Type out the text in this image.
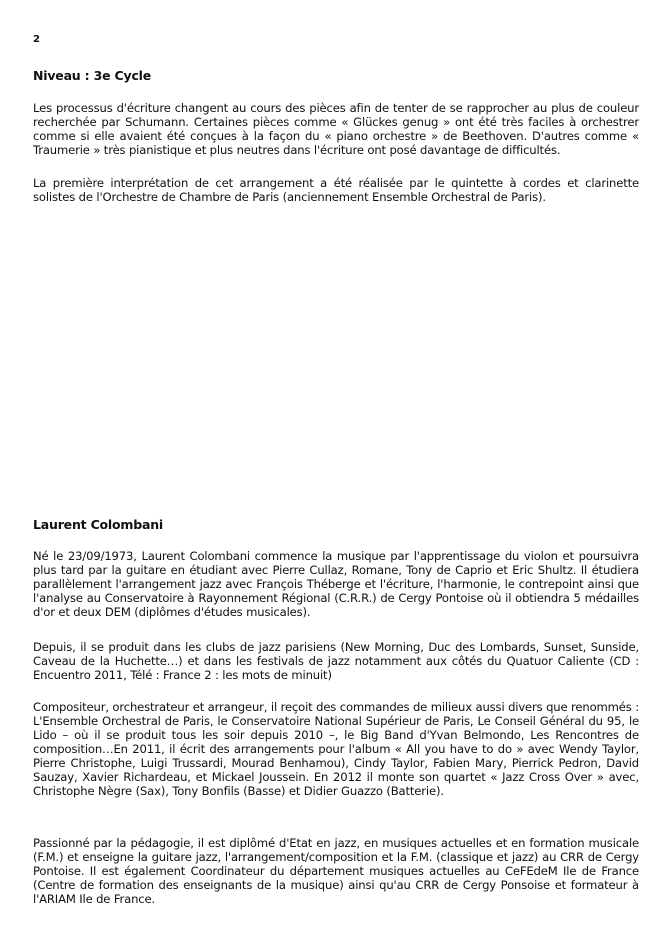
2
Niveau : 3e Cycle

Les processus d'écriture changent au cours des pièces afin de tenter de se rapprocher au plus de couleur recherchée par Schumann. Certaines pièces comme « Glückes genug » ont été très faciles à orchestrer comme si elle avaient été conçues à la façon du « piano orchestre » de Beethoven. D'autres comme « Traumerie » très pianistique et plus neutres dans l'écriture ont posé davantage de difficultés.

La première interprétation de cet arrangement a été réalisée par le quintette à cordes et clarinette solistes de l'Orchestre de Chambre de Paris (anciennement Ensemble Orchestral de Paris).

Laurent Colombani

Né le 23/09/1973, Laurent Colombani commence la musique par l'apprentissage du violon et poursuivra plus tard par la guitare en étudiant avec Pierre Cullaz, Romane, Tony de Caprio et Eric Shultz. Il étudiera parallèlement l'arrangement jazz avec François Théberge et l'écriture, l'harmonie, le contrepoint ainsi que l'analyse au Conservatoire à Rayonnement Régional (C.R.R.) de Cergy Pontoise où il obtiendra 5 médailles d'or et deux DEM (diplômes d'études musicales).

Depuis, il se produit dans les clubs de jazz parisiens (New Morning, Duc des Lombards, Sunset, Sunside, Caveau de la Huchette…) et dans les festivals de jazz notamment aux côtés du Quatuor Caliente (CD : Encuentro 2011, Télé : France 2 : les mots de minuit)

Compositeur, orchestrateur et arrangeur, il reçoit des commandes de milieux aussi divers que renommés : L'Ensemble Orchestral de Paris, le Conservatoire National Supérieur de Paris, Le Conseil Général du 95, le Lido – où il se produit tous les soir depuis 2010 –, le Big Band d'Yvan Belmondo, Les Rencontres de composition…En 2011, il écrit des arrangements pour l'album « All you have to do » avec Wendy Taylor, Pierre Christophe, Luigi Trussardi, Mourad Benhamou), Cindy Taylor, Fabien Mary, Pierrick Pedron, David Sauzay, Xavier Richardeau, et Mickael Joussein. En 2012 il monte son quartet « Jazz Cross Over » avec, Christophe Nègre (Sax), Tony Bonfils (Basse) et Didier Guazzo (Batterie).

Passionné par la pédagogie, il est diplômé d'Etat en jazz, en musiques actuelles et en formation musicale (F.M.) et enseigne la guitare jazz, l'arrangement/composition et la F.M. (classique et jazz) au CRR de Cergy Pontoise. Il est également Coordinateur du département musiques actuelles au CeFEdeM Ile de France (Centre de formation des enseignants de la musique) ainsi qu'au CRR de Cergy Ponsoise et formateur à l'ARIAM Ile de France.
